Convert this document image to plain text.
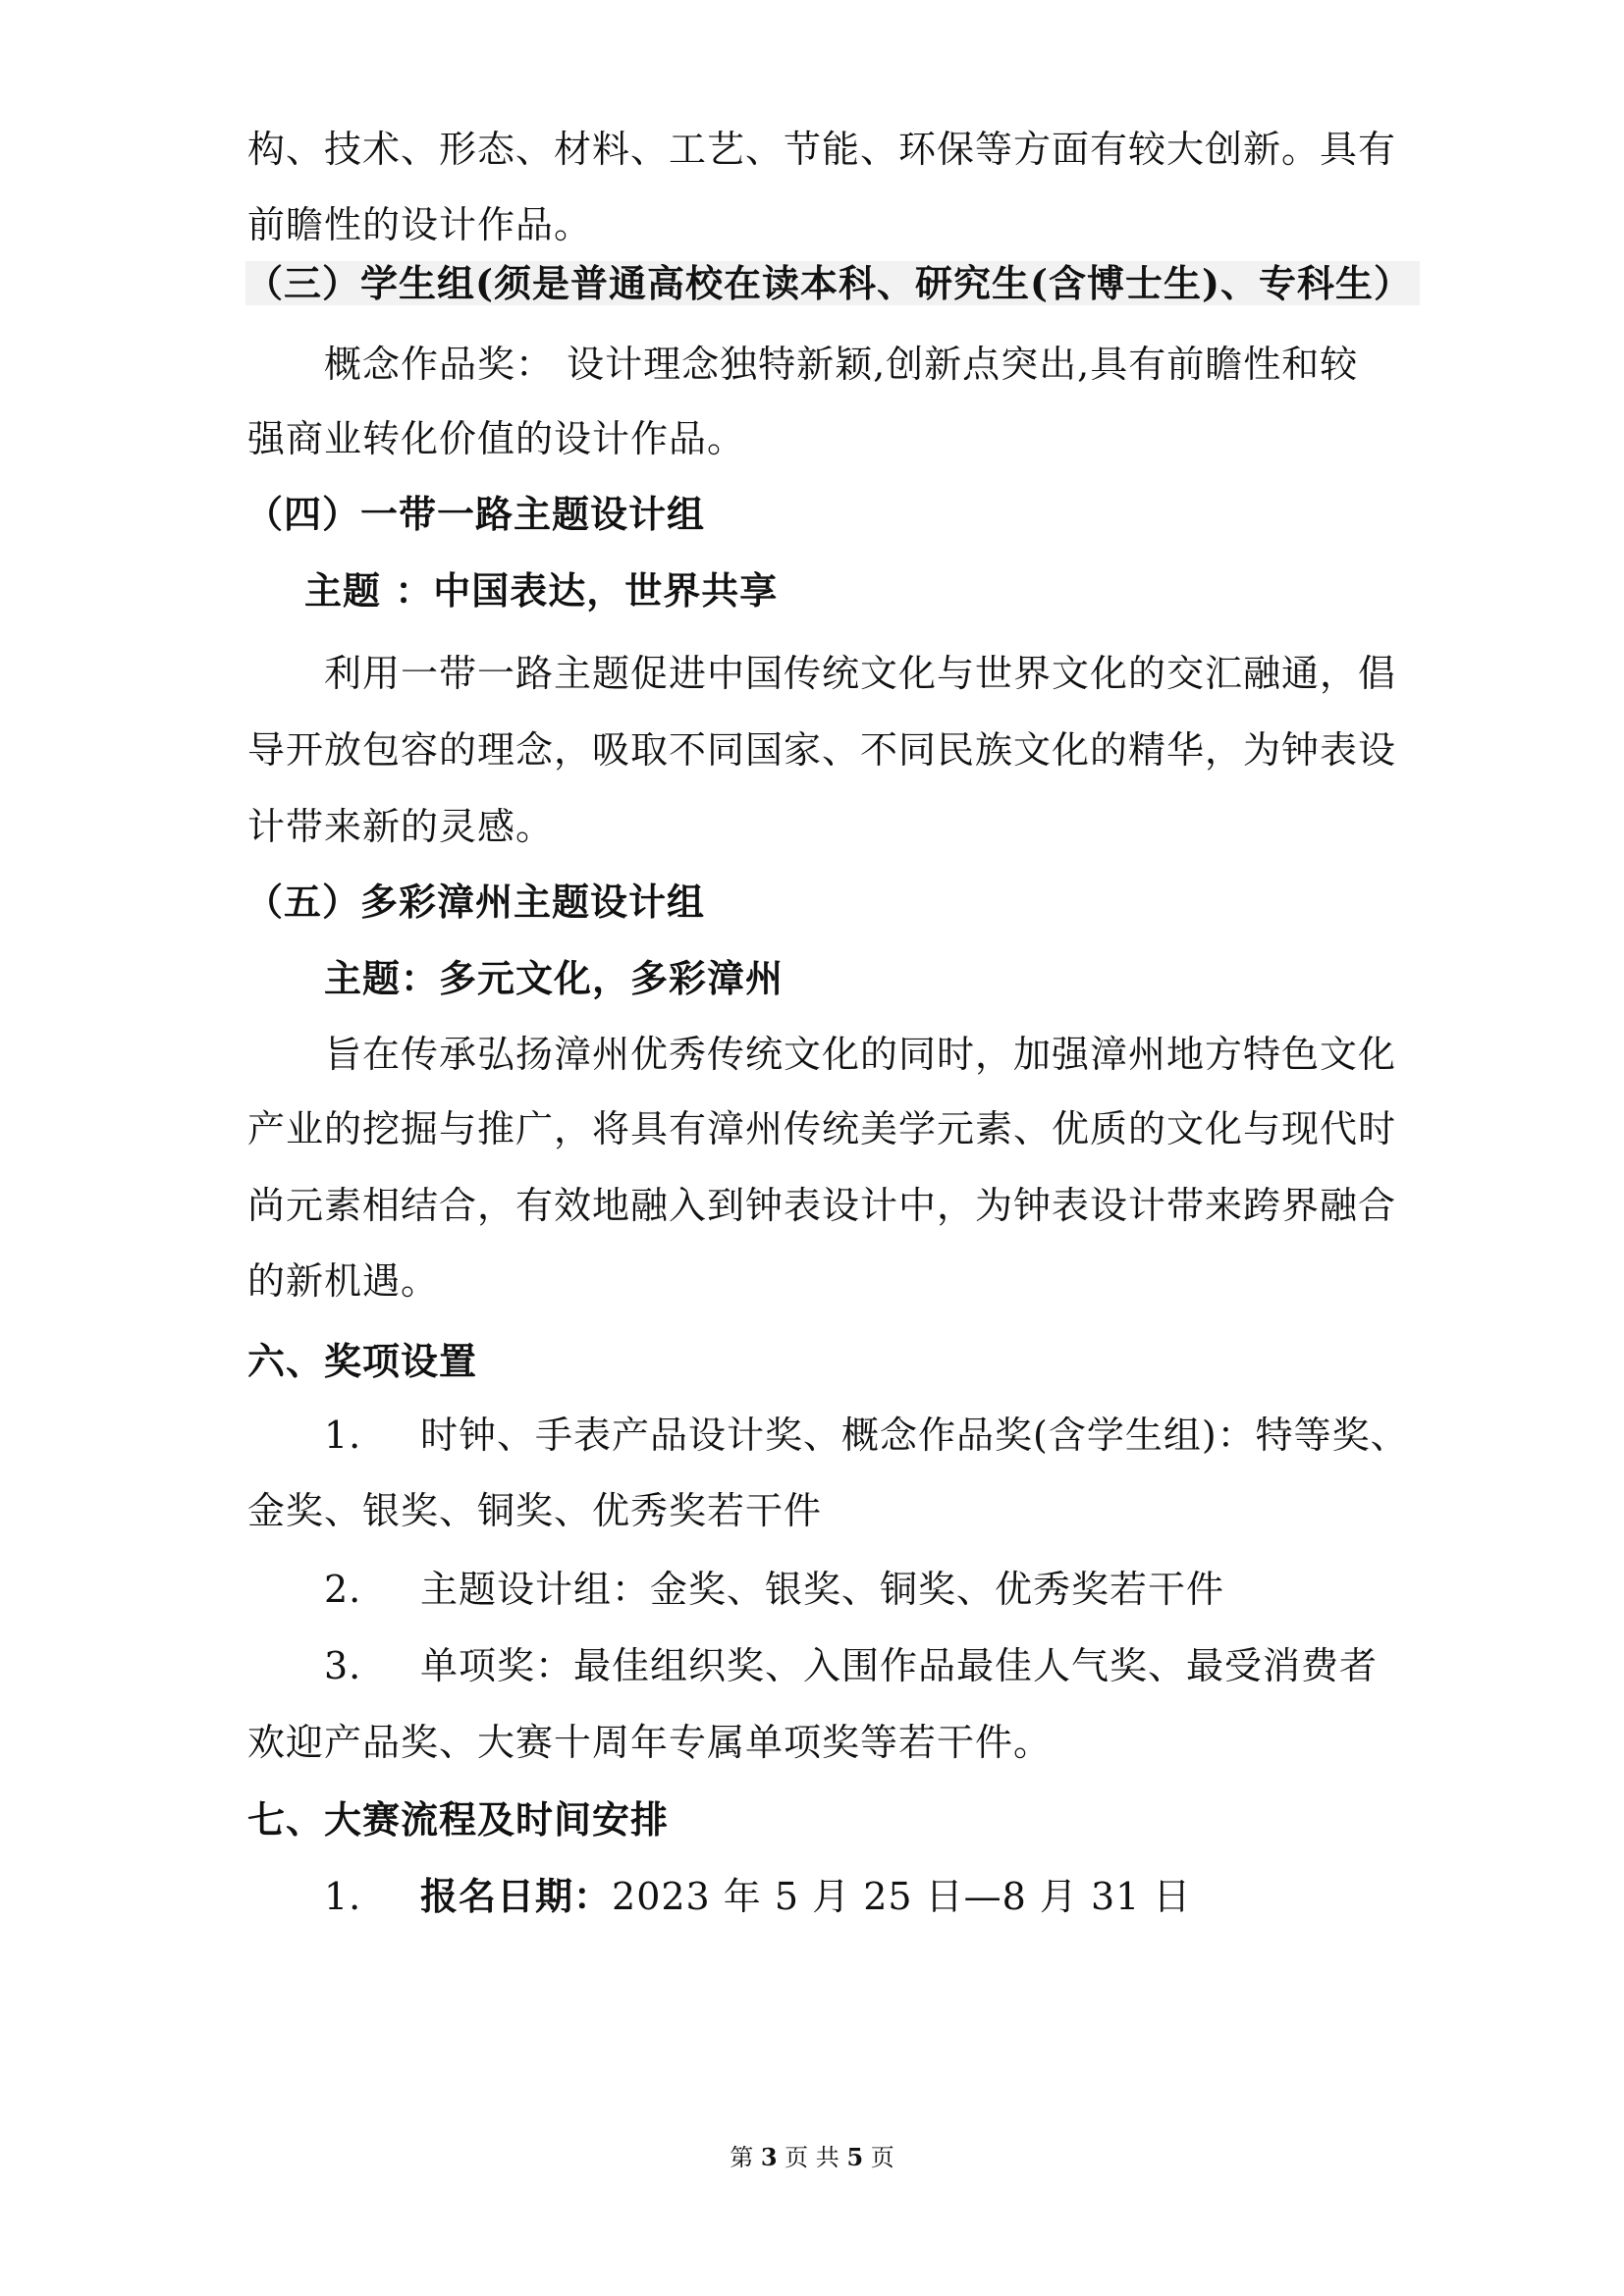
构、技术、形态、材料、工艺、节能、环保等方面有较大创新。具有
前瞻性的设计作品。
（三）学生组(须是普通高校在读本科、研究生(含博士生)、专科生）
概念作品奖： 设计理念独特新颖,创新点突出,具有前瞻性和较
强商业转化价值的设计作品。
（四）一带一路主题设计组
主题 ：中国表达，世界共享
利用一带一路主题促进中国传统文化与世界文化的交汇融通，倡
导开放包容的理念，吸取不同国家、不同民族文化的精华，为钟表设
计带来新的灵感。
（五）多彩漳州主题设计组
主题：多元文化，多彩漳州
旨在传承弘扬漳州优秀传统文化的同时，加强漳州地方特色文化
产业的挖掘与推广，将具有漳州传统美学元素、优质的文化与现代时
尚元素相结合，有效地融入到钟表设计中，为钟表设计带来跨界融合
的新机遇。
六、奖项设置
1. 时钟、手表产品设计奖、概念作品奖(含学生组)：特等奖、
金奖、银奖、铜奖、优秀奖若干件
2. 主题设计组：金奖、银奖、铜奖、优秀奖若干件
3. 单项奖：最佳组织奖、入围作品最佳人气奖、最受消费者
欢迎产品奖、大赛十周年专属单项奖等若干件。
七、大赛流程及时间安排
1. 报名日期：2023 年 5 月 25 日—8 月 31 日
第 3 页 共 5 页
